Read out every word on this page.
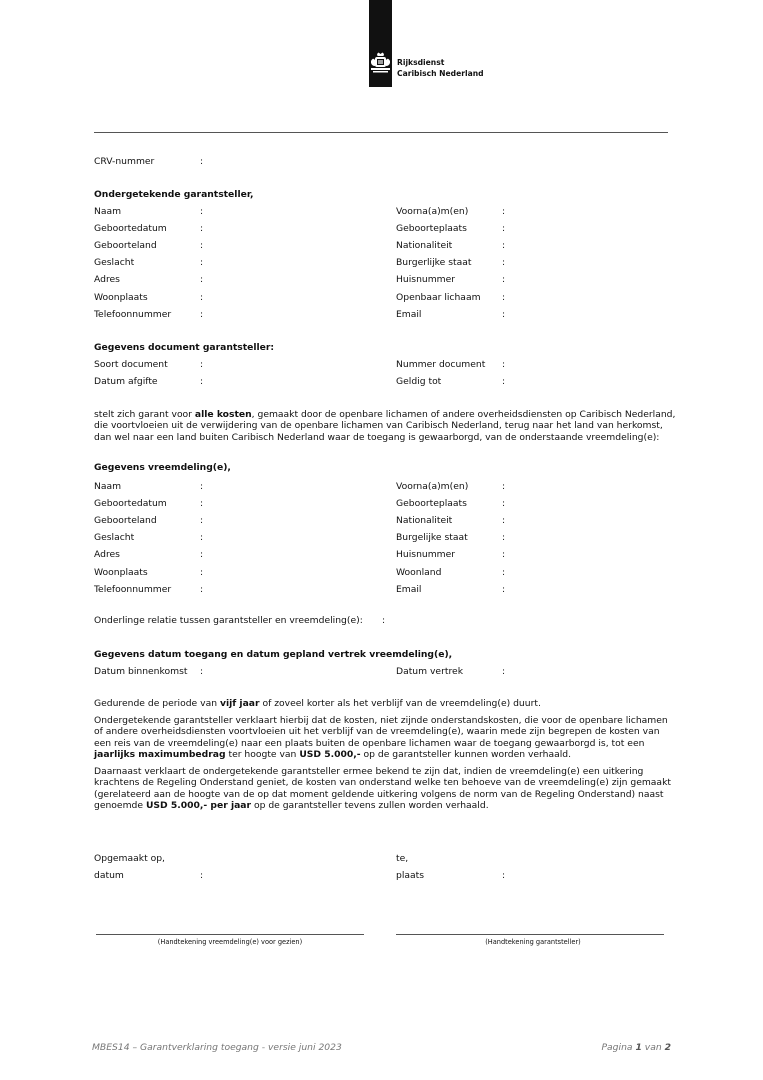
Rijksdienst
Caribisch Nederland
CRV-nummer	:
Ondergetekende garantsteller,
Naam	:	Voorna(a)m(en)	:
Geboortedatum	:	Geboorteplaats	:
Geboorteland	:	Nationaliteit	:
Geslacht	:	Burgerlijke staat	:
Adres	:	Huisnummer	:
Woonplaats	:	Openbaar lichaam :
Telefoonnummer	:	Email	:
Gegevens document garantsteller:
Soort document	:	Nummer document :
Datum afgifte	:	Geldig tot	:
stelt zich garant voor alle kosten, gemaakt door de openbare lichamen of andere overheidsdiensten op Caribisch Nederland, die voortvloeien uit de verwijdering van de openbare lichamen van Caribisch Nederland, terug naar het land van herkomst, dan wel naar een land buiten Caribisch Nederland waar de toegang is gewaarborgd, van de onderstaande vreemdeling(e):
Gegevens vreemdeling(e),
Naam	:	Voorna(a)m(en)	:
Geboortedatum	:	Geboorteplaats	:
Geboorteland	:	Nationaliteit	:
Geslacht	:	Burgelijke staat	:
Adres	:	Huisnummer	:
Woonplaats	:	Woonland	:
Telefoonnummer	:	Email	:
Onderlinge relatie tussen garantsteller en vreemdeling(e): :
Gegevens datum toegang en datum gepland vertrek vreemdeling(e),
Datum binnenkomst :	Datum vertrek	:
Gedurende de periode van vijf jaar of zoveel korter als het verblijf van de vreemdeling(e) duurt.
Ondergetekende garantsteller verklaart hierbij dat de kosten, niet zijnde onderstandskosten, die voor de openbare lichamen of andere overheidsdiensten voortvloeien uit het verblijf van de vreemdeling(e), waarin mede zijn begrepen de kosten van een reis van de vreemdeling(e) naar een plaats buiten de openbare lichamen waar de toegang gewaarborgd is, tot een jaarlijks maximumbedrag ter hoogte van USD 5.000,- op de garantsteller kunnen worden verhaald.
Daarnaast verklaart de ondergetekende garantsteller ermee bekend te zijn dat, indien de vreemdeling(e) een uitkering krachtens de Regeling Onderstand geniet, de kosten van onderstand welke ten behoeve van de vreemdeling(e) zijn gemaakt (gerelateerd aan de hoogte van de op dat moment geldende uitkering volgens de norm van de Regeling Onderstand) naast genoemde USD 5.000,- per jaar op de garantsteller tevens zullen worden verhaald.
Opgemaakt op,	te,
datum	:	plaats	:
(Handtekening vreemdeling(e) voor gezien)	(Handtekening garantsteller)
MBES14 – Garantverklaring toegang - versie juni 2023	Pagina 1 van 2
